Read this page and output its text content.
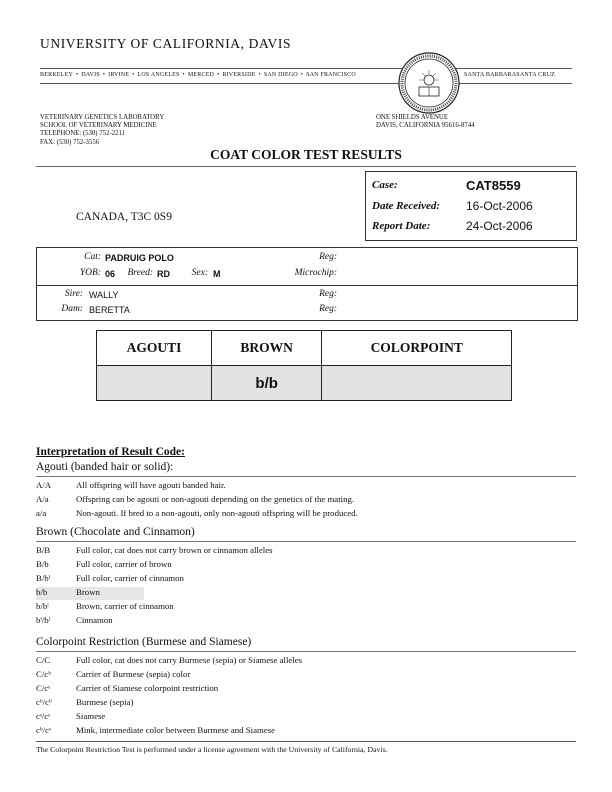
UNIVERSITY OF CALIFORNIA, DAVIS
BERKELEY • DAVIS • IRVINE • LOS ANGELES • MERCED • RIVERSIDE • SAN DIEGO • SAN FRANCISCO	SANTA BARBARASANTA CRUZ
VETERINARY GENETICS LABORATORY
SCHOOL OF VETERINARY MEDICINE
TELEPHONE: (530) 752-2211
FAX: (530) 752-3556
ONE SHIELDS AVENUE
DAVIS, CALIFORNIA 95616-8744
COAT COLOR TEST RESULTS
CANADA, T3C 0S9
Case:	CAT8559
Date Received: 16-Oct-2006
Report Date:	24-Oct-2006
Cat: PADRUIG POLO	Reg:
YOB: 06	Breed: RD	Sex: M	Microchip:
Sire: WALLY	Reg:
Dam: BERETTA	Reg:
AGOUTI	BROWN	COLORPOINT
	b/b	
Interpretation of Result Code:
Agouti (banded hair or solid):
A/A	All offspring will have agouti banded hair.
A/a	Offspring can be agouti or non-agouti depending on the genetics of the mating.
a/a	Non-agouti. If bred to a non-agouti, only non-agouti offspring will be produced.
Brown (Chocolate and Cinnamon)
B/B	Full color, cat does not carry brown or cinnamon alleles
B/b	Full color, carrier of brown
B/bˡ	Full color, carrier of cinnamon
b/b	Brown
b/bˡ	Brown, carrier of cinnamon
bˡ/bˡ	Cinnamon
Colorpoint Restriction (Burmese and Siamese)
C/C	Full color, cat does not carry Burmese (sepia) or Siamese alleles
C/cᵇ	Carrier of Burmese (sepia) color
C/cˢ	Carrier of Siamese colorpoint restriction
cᵇ/cᵇ	Burmese (sepia)
cˢ/cˢ	Siamese
cᵇ/cˢ	Mink, intermediate color between Burmese and Siamese
The Colorpoint Restriction Test is performed under a license agreement with the University of California, Davis.
